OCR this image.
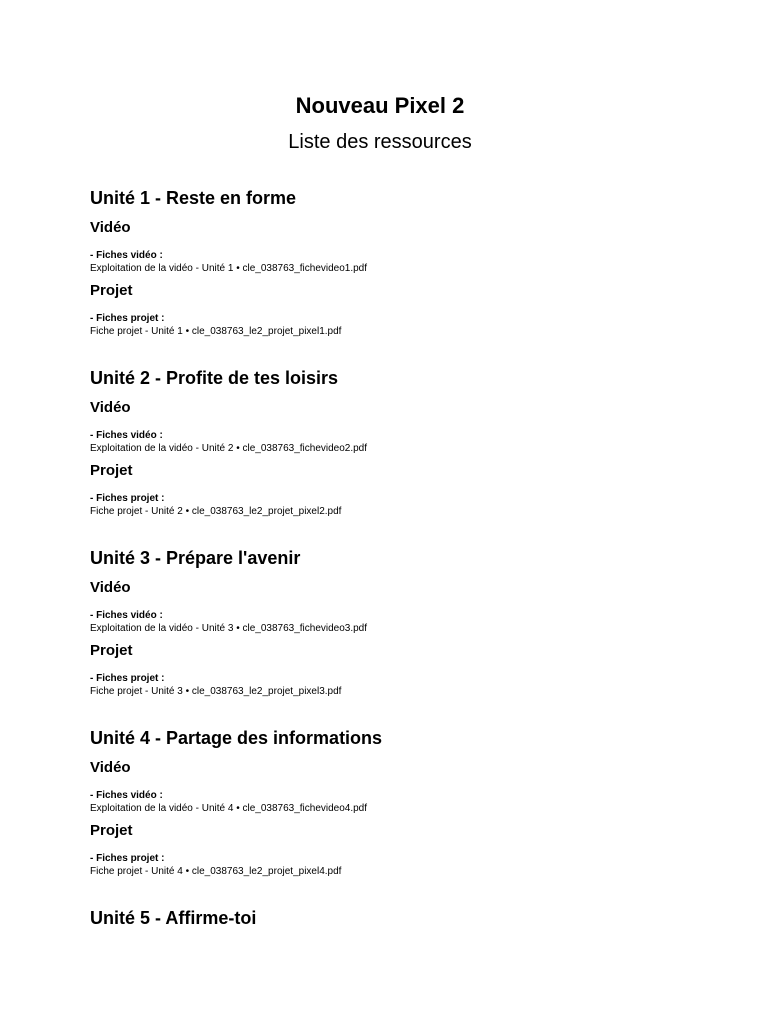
Nouveau Pixel 2
Liste des ressources
Unité 1 - Reste en forme
Vidéo

- Fiches vidéo :

Exploitation de la vidéo - Unité 1 • cle_038763_fichevideo1.pdf

Projet

- Fiches projet :

Fiche projet - Unité 1 • cle_038763_le2_projet_pixel1.pdf

Unité 2 - Profite de tes loisirs
Vidéo

- Fiches vidéo :

Exploitation de la vidéo - Unité 2 • cle_038763_fichevideo2.pdf

Projet

- Fiches projet :

Fiche projet - Unité 2 • cle_038763_le2_projet_pixel2.pdf

Unité 3 - Prépare l'avenir
Vidéo

- Fiches vidéo :

Exploitation de la vidéo - Unité 3 • cle_038763_fichevideo3.pdf

Projet

- Fiches projet :

Fiche projet - Unité 3 • cle_038763_le2_projet_pixel3.pdf

Unité 4 - Partage des informations
Vidéo

- Fiches vidéo :

Exploitation de la vidéo - Unité 4 • cle_038763_fichevideo4.pdf

Projet

- Fiches projet :

Fiche projet - Unité 4 • cle_038763_le2_projet_pixel4.pdf

Unité 5 - Affirme-toi
